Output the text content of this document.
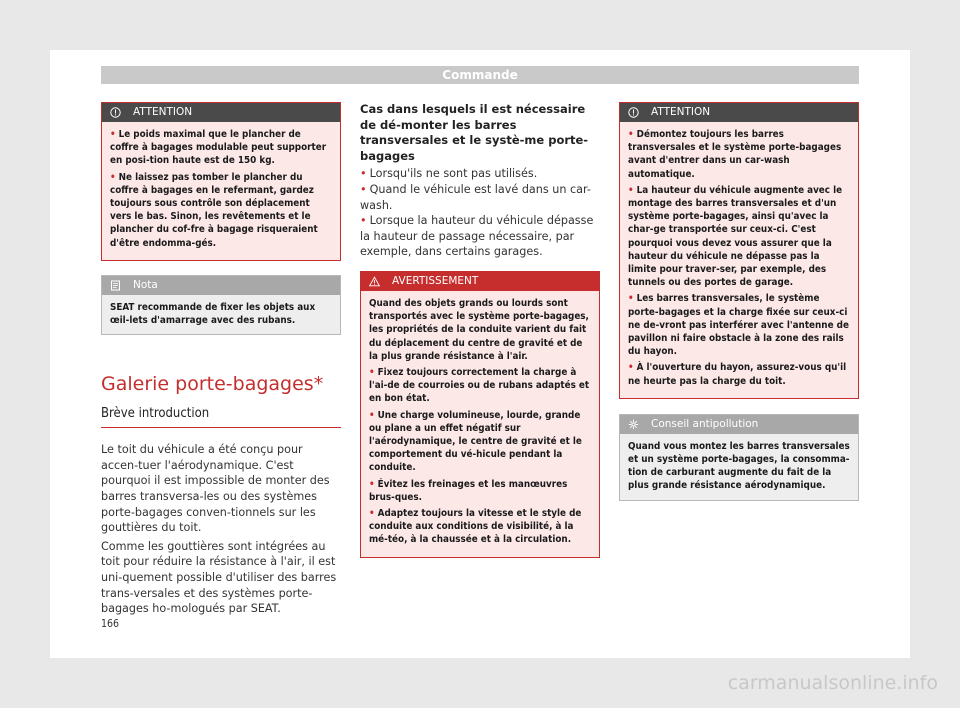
Commande
ATTENTION
• Le poids maximal que le plancher de coffre à bagages modulable peut supporter en posi-tion haute est de 150 kg.
• Ne laissez pas tomber le plancher du coffre à bagages en le refermant, gardez toujours sous contrôle son déplacement vers le bas. Sinon, les revêtements et le plancher du cof-fre à bagage risqueraient d'être endomma-gés.
Nota
SEAT recommande de fixer les objets aux œil-lets d'amarrage avec des rubans.
Galerie porte-bagages*
Brève introduction

Le toit du véhicule a été conçu pour accen-tuer l'aérodynamique. C'est pourquoi il est impossible de monter des barres transversa-les ou des systèmes porte-bagages conven-tionnels sur les gouttières du toit.

Comme les gouttières sont intégrées au toit pour réduire la résistance à l'air, il est uni-quement possible d'utiliser des barres trans-versales et des systèmes porte-bagages ho-mologués par SEAT.

Cas dans lesquels il est nécessaire de dé-monter les barres transversales et le systè-me porte-bagages
• Lorsqu'ils ne sont pas utilisés.
• Quand le véhicule est lavé dans un car-wash.
• Lorsque la hauteur du véhicule dépasse la hauteur de passage nécessaire, par exemple, dans certains garages.
AVERTISSEMENT
Quand des objets grands ou lourds sont transportés avec le système porte-bagages, les propriétés de la conduite varient du fait du déplacement du centre de gravité et de la plus grande résistance à l'air.
• Fixez toujours correctement la charge à l'ai-de de courroies ou de rubans adaptés et en bon état.
• Une charge volumineuse, lourde, grande ou plane a un effet négatif sur l'aérodynamique, le centre de gravité et le comportement du vé-hicule pendant la conduite.
• Évitez les freinages et les manœuvres brus-ques.
• Adaptez toujours la vitesse et le style de conduite aux conditions de visibilité, à la mé-téo, à la chaussée et à la circulation.
ATTENTION
• Démontez toujours les barres transversales et le système porte-bagages avant d'entrer dans un car-wash automatique.
• La hauteur du véhicule augmente avec le montage des barres transversales et d'un système porte-bagages, ainsi qu'avec la char-ge transportée sur ceux-ci. C'est pourquoi vous devez vous assurer que la hauteur du véhicule ne dépasse pas la limite pour traver-ser, par exemple, des tunnels ou des portes de garage.
• Les barres transversales, le système porte-bagages et la charge fixée sur ceux-ci ne de-vront pas interférer avec l'antenne de pavillon ni faire obstacle à la zone des rails du hayon.
• À l'ouverture du hayon, assurez-vous qu'il ne heurte pas la charge du toit.
Conseil antipollution
Quand vous montez les barres transversales et un système porte-bagages, la consomma-tion de carburant augmente du fait de la plus grande résistance aérodynamique.
166
carmanualsonline.info
